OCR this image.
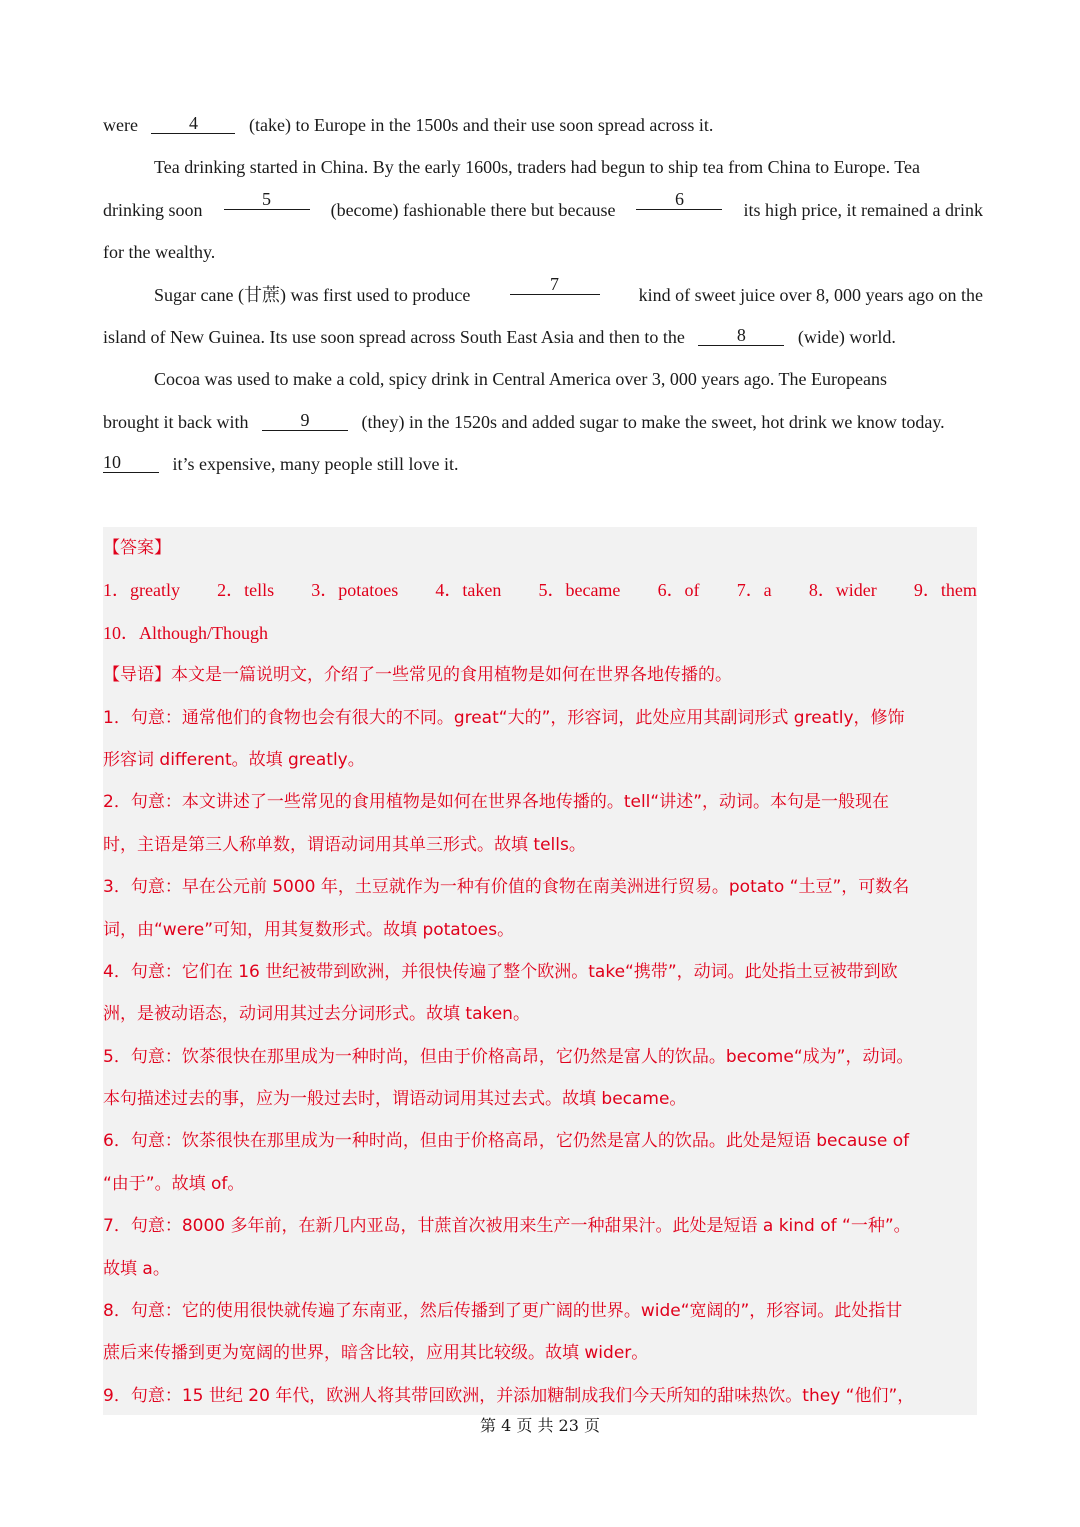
were	4	(take) to Europe in the 1500s and their use soon spread across it.
Tea drinking started in China. By the early 1600s, traders had begun to ship tea from China to Europe. Tea
drinking soon
5
(become) fashionable there but because
6
its high price, it remained a drink
for the wealthy.
Sugar cane (甘蔗) was first used to produce
7
kind of sweet juice over 8, 000 years ago on the
island of New Guinea. Its use soon spread across South East Asia and then to the	8	(wide) world.
Cocoa was used to make a cold, spicy drink in Central America over 3, 000 years ago. The Europeans
brought it back with	9	(they) in the 1520s and added sugar to make the sweet, hot drink we know today.
10	it’s expensive, many people still love it.
【答案】
1．greatly 2．tells 3．potatoes 4．taken 5．became 6．of 7．a 8．wider 9．them
10．Although/Though
【导语】本文是一篇说明文，介绍了一些常见的食用植物是如何在世界各地传播的。
1．句意：通常他们的食物也会有很大的不同。great“大的”，形容词，此处应用其副词形式 greatly，修饰
形容词 different。故填 greatly。
2．句意：本文讲述了一些常见的食用植物是如何在世界各地传播的。tell“讲述”，动词。本句是一般现在
时，主语是第三人称单数，谓语动词用其单三形式。故填 tells。
3．句意：早在公元前 5000 年，土豆就作为一种有价值的食物在南美洲进行贸易。potato “土豆”，可数名
词，由“were”可知，用其复数形式。故填 potatoes。
4．句意：它们在 16 世纪被带到欧洲，并很快传遍了整个欧洲。take“携带”，动词。此处指土豆被带到欧
洲，是被动语态，动词用其过去分词形式。故填 taken。
5．句意：饮茶很快在那里成为一种时尚，但由于价格高昂，它仍然是富人的饮品。become“成为”，动词。
本句描述过去的事，应为一般过去时，谓语动词用其过去式。故填 became。
6．句意：饮茶很快在那里成为一种时尚，但由于价格高昂，它仍然是富人的饮品。此处是短语 because of
“由于”。故填 of。
7．句意：8000 多年前，在新几内亚岛，甘蔗首次被用来生产一种甜果汁。此处是短语 a kind of “一种”。
故填 a。
8．句意：它的使用很快就传遍了东南亚，然后传播到了更广阔的世界。wide“宽阔的”，形容词。此处指甘
蔗后来传播到更为宽阔的世界，暗含比较，应用其比较级。故填 wider。
9．句意：15 世纪 20 年代，欧洲人将其带回欧洲，并添加糖制成我们今天所知的甜味热饮。they “他们”，
第 4 页 共 23 页
